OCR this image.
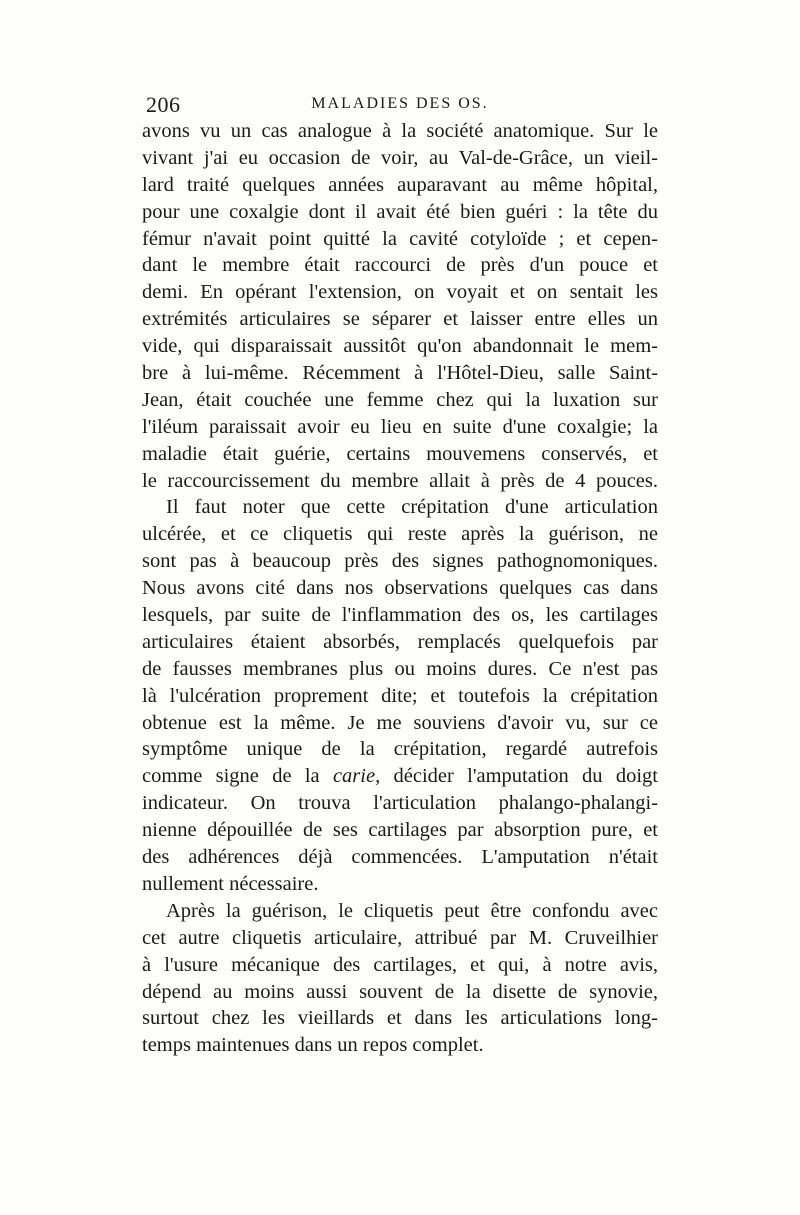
206	MALADIES DES OS.
avons vu un cas analogue à la société anatomique. Sur le
vivant j'ai eu occasion de voir, au Val-de-Grâce, un vieil-
lard traité quelques années auparavant au même hôpital,
pour une coxalgie dont il avait été bien guéri : la tête du
fémur n'avait point quitté la cavité cotyloïde ; et cepen-
dant le membre était raccourci de près d'un pouce et
demi. En opérant l'extension, on voyait et on sentait les
extrémités articulaires se séparer et laisser entre elles un
vide, qui disparaissait aussitôt qu'on abandonnait le mem-
bre à lui-même. Récemment à l'Hôtel-Dieu, salle Saint-
Jean, était couchée une femme chez qui la luxation sur
l'iléum paraissait avoir eu lieu en suite d'une coxalgie; la
maladie était guérie, certains mouvemens conservés, et
le raccourcissement du membre allait à près de 4 pouces.
Il faut noter que cette crépitation d'une articulation
ulcérée, et ce cliquetis qui reste après la guérison, ne
sont pas à beaucoup près des signes pathognomoniques.
Nous avons cité dans nos observations quelques cas dans
lesquels, par suite de l'inflammation des os, les cartilages
articulaires étaient absorbés, remplacés quelquefois par
de fausses membranes plus ou moins dures. Ce n'est pas
là l'ulcération proprement dite; et toutefois la crépitation
obtenue est la même. Je me souviens d'avoir vu, sur ce
symptôme unique de la crépitation, regardé autrefois
comme signe de la carie, décider l'amputation du doigt
indicateur. On trouva l'articulation phalango-phalangi-
nienne dépouillée de ses cartilages par absorption pure, et
des adhérences déjà commencées. L'amputation n'était
nullement nécessaire.
Après la guérison, le cliquetis peut être confondu avec
cet autre cliquetis articulaire, attribué par M. Cruveilhier
à l'usure mécanique des cartilages, et qui, à notre avis,
dépend au moins aussi souvent de la disette de synovie,
surtout chez les vieillards et dans les articulations long-
temps maintenues dans un repos complet.
